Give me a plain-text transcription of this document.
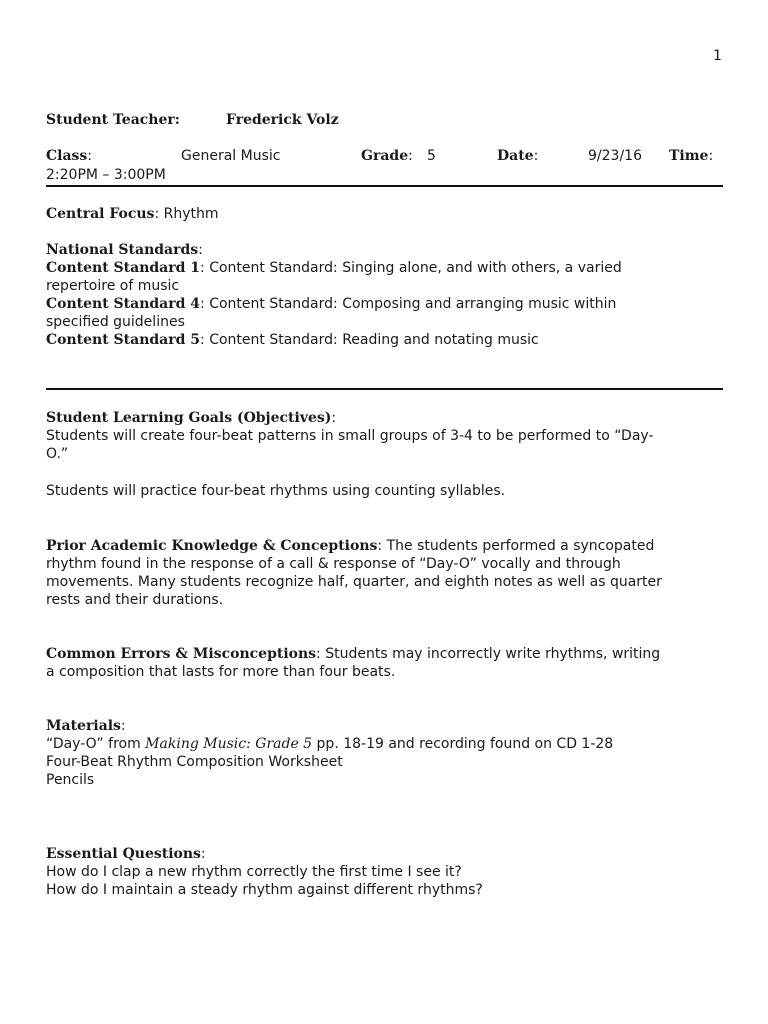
1
Student Teacher:	Frederick Volz
Class:	General Music	Grade: 5	Date:	9/23/16 Time:
2:20PM – 3:00PM
Central Focus: Rhythm
National Standards:
Content Standard 1: Content Standard: Singing alone, and with others, a varied
repertoire of music
Content Standard 4: Content Standard: Composing and arranging music within
specified guidelines
Content Standard 5: Content Standard: Reading and notating music
Student Learning Goals (Objectives):
Students will create four-beat patterns in small groups of 3-4 to be performed to “Day-
O.”
Students will practice four-beat rhythms using counting syllables.
Prior Academic Knowledge & Conceptions: The students performed a syncopated
rhythm found in the response of a call & response of “Day-O” vocally and through
movements. Many students recognize half, quarter, and eighth notes as well as quarter
rests and their durations.
Common Errors & Misconceptions: Students may incorrectly write rhythms, writing
a composition that lasts for more than four beats.
Materials:
“Day-O” from Making Music: Grade 5 pp. 18-19 and recording found on CD 1-28
Four-Beat Rhythm Composition Worksheet
Pencils
Essential Questions:
How do I clap a new rhythm correctly the first time I see it?
How do I maintain a steady rhythm against different rhythms?
